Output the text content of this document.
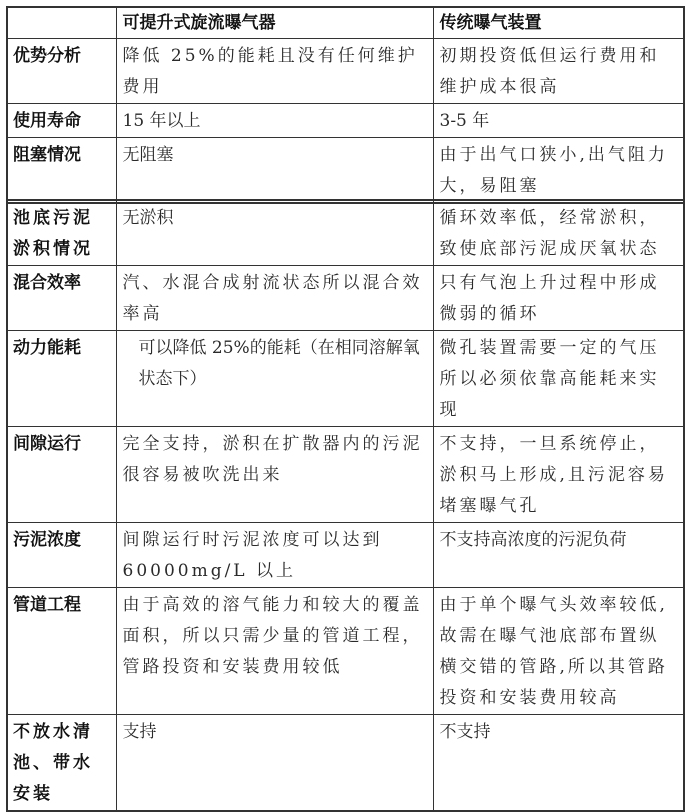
	可提升式旋流曝气器	传统曝气装置
优势分析	降低 25%的能耗且没有任何维护费用	初期投资低但运行费用和维护成本很高
使用寿命	15 年以上	3-5 年
阻塞情况	无阻塞	由于出气口狭小,出气阻力大，易阻塞
池底污泥淤积情况	无淤积	循环效率低，经常淤积，致使底部污泥成厌氧状态
混合效率	汽、水混合成射流状态所以混合效率高	只有气泡上升过程中形成微弱的循环
动力能耗	可以降低 25%的能耗（在相同溶解氧状态下）	微孔装置需要一定的气压所以必须依靠高能耗来实现
间隙运行	完全支持，淤积在扩散器内的污泥很容易被吹洗出来	不支持，一旦系统停止，淤积马上形成,且污泥容易堵塞曝气孔
污泥浓度	间隙运行时污泥浓度可以达到60000mg/L 以上	不支持高浓度的污泥负荷
管道工程	由于高效的溶气能力和较大的覆盖面积，所以只需少量的管道工程，管路投资和安装费用较低	由于单个曝气头效率较低,故需在曝气池底部布置纵横交错的管路,所以其管路投资和安装费用较高
不放水清池、带水安装	支持	不支持
